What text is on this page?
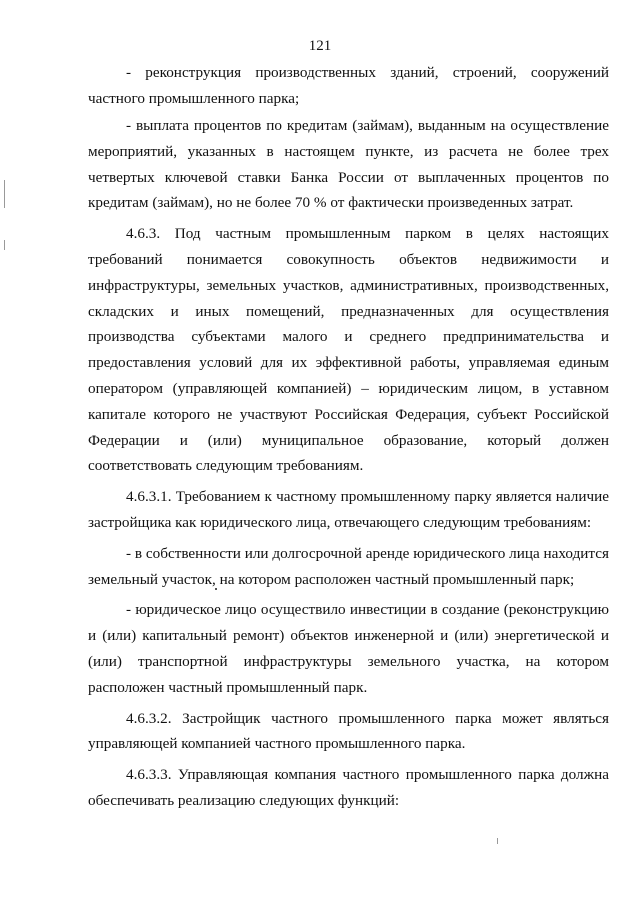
121

- реконструкция производственных зданий, строений, сооружений частного промышленного парка;

- выплата процентов по кредитам (займам), выданным на осуществление мероприятий, указанных в настоящем пункте, из расчета не более трех четвертых ключевой ставки Банка России от выплаченных процентов по кредитам (займам), но не более 70 % от фактически произведенных затрат.

4.6.3. Под частным промышленным парком в целях настоящих требований понимается совокупность объектов недвижимости и инфраструктуры, земельных участков, административных, производственных, складских и иных помещений, предназначенных для осуществления производства субъектами малого и среднего предпринимательства и предоставления условий для их эффективной работы, управляемая единым оператором (управляющей компанией) – юридическим лицом, в уставном капитале которого не участвуют Российская Федерация, субъект Российской Федерации и (или) муниципальное образование, который должен соответствовать следующим требованиям.

4.6.3.1. Требованием к частному промышленному парку является наличие застройщика как юридического лица, отвечающего следующим требованиям:

- в собственности или долгосрочной аренде юридического лица находится земельный участок, на котором расположен частный промышленный парк;

- юридическое лицо осуществило инвестиции в создание (реконструкцию и (или) капитальный ремонт) объектов инженерной и (или) энергетической и (или) транспортной инфраструктуры земельного участка, на котором расположен частный промышленный парк.

4.6.3.2. Застройщик частного промышленного парка может являться управляющей компанией частного промышленного парка.

4.6.3.3. Управляющая компания частного промышленного парка должна обеспечивать реализацию следующих функций:
